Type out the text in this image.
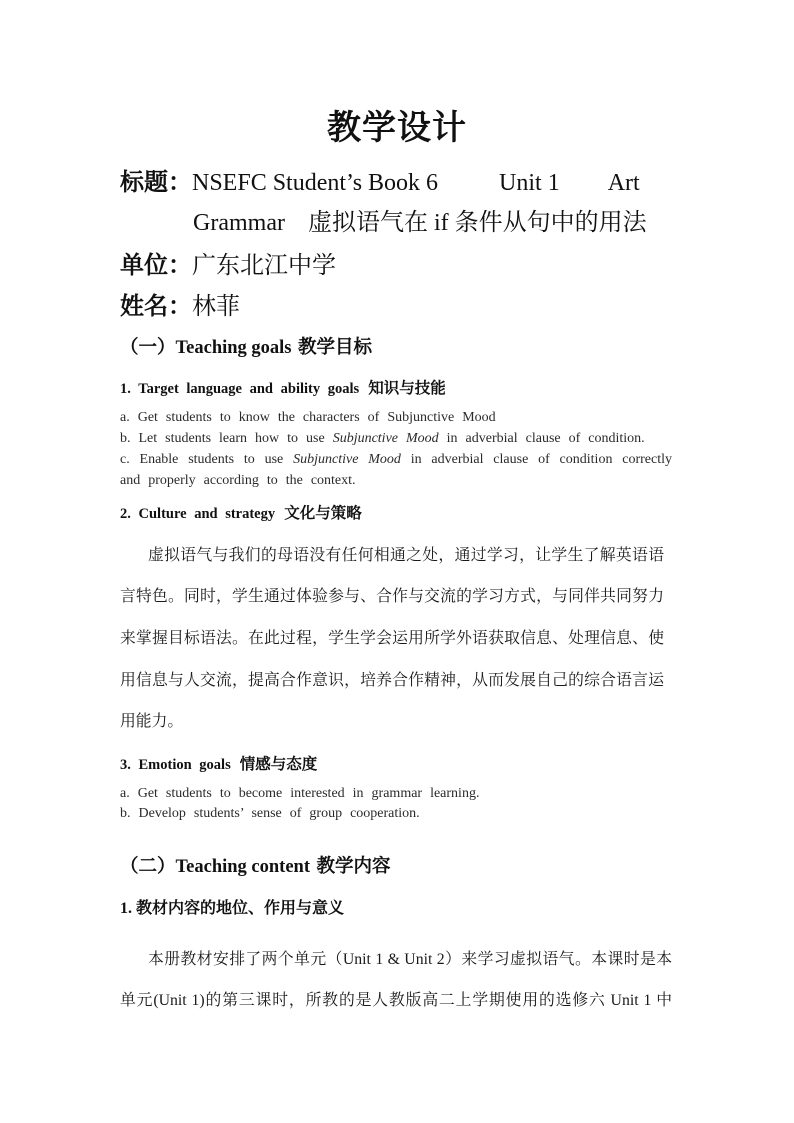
教学设计
标题：NSEFC Student’s Book 6	Unit 1 Art
Grammar 虚拟语气在 if 条件从句中的用法
单位：广东北江中学
姓名：林菲
（一）Teaching goals 教学目标
1. Target language and ability goals 知识与技能
a. Get students to know the characters of Subjunctive Mood
b. Let students learn how to use Subjunctive Mood in adverbial clause of condition.
c. Enable students to use Subjunctive Mood in adverbial clause of condition correctly
and properly according to the context.
2. Culture and strategy 文化与策略
虚拟语气与我们的母语没有任何相通之处，通过学习，让学生了解英语语
言特色。同时，学生通过体验参与、合作与交流的学习方式，与同伴共同努力
来掌握目标语法。在此过程，学生学会运用所学外语获取信息、处理信息、使
用信息与人交流，提高合作意识，培养合作精神，从而发展自己的综合语言运
用能力。
3. Emotion goals 情感与态度
a. Get students to become interested in grammar learning.
b. Develop students’ sense of group cooperation.
（二）Teaching content 教学内容
1. 教材内容的地位、作用与意义
本册教材安排了两个单元（Unit 1 & Unit 2）来学习虚拟语气。本课时是本
单元(Unit 1)的第三课时，所教的是人教版高二上学期使用的选修六 Unit 1 中
